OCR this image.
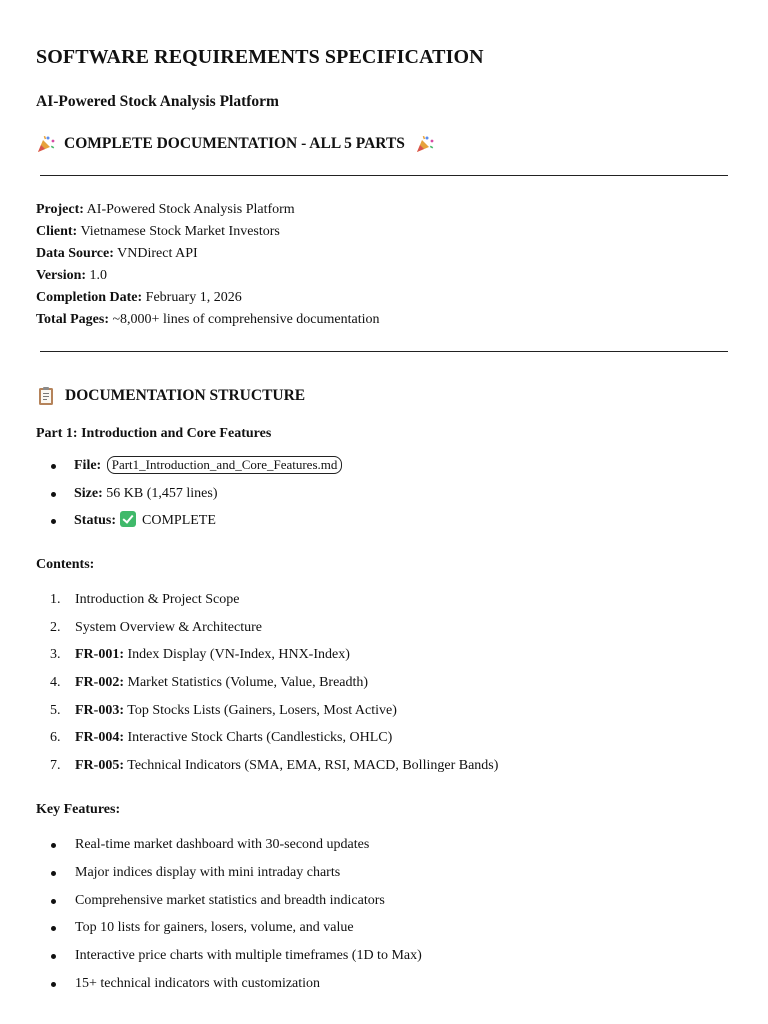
SOFTWARE REQUIREMENTS SPECIFICATION
AI-Powered Stock Analysis Platform
COMPLETE DOCUMENTATION - ALL 5 PARTS
Project: AI-Powered Stock Analysis Platform
Client: Vietnamese Stock Market Investors
Data Source: VNDirect API
Version: 1.0
Completion Date: February 1, 2026
Total Pages: ~8,000+ lines of comprehensive documentation
DOCUMENTATION STRUCTURE
Part 1: Introduction and Core Features
File: Part1_Introduction_and_Core_Features.md
Size: 56 KB (1,457 lines)
Status: COMPLETE
Contents:
1. Introduction & Project Scope
2. System Overview & Architecture
3. FR-001: Index Display (VN-Index, HNX-Index)
4. FR-002: Market Statistics (Volume, Value, Breadth)
5. FR-003: Top Stocks Lists (Gainers, Losers, Most Active)
6. FR-004: Interactive Stock Charts (Candlesticks, OHLC)
7. FR-005: Technical Indicators (SMA, EMA, RSI, MACD, Bollinger Bands)
Key Features:
Real-time market dashboard with 30-second updates
Major indices display with mini intraday charts
Comprehensive market statistics and breadth indicators
Top 10 lists for gainers, losers, volume, and value
Interactive price charts with multiple timeframes (1D to Max)
15+ technical indicators with customization
